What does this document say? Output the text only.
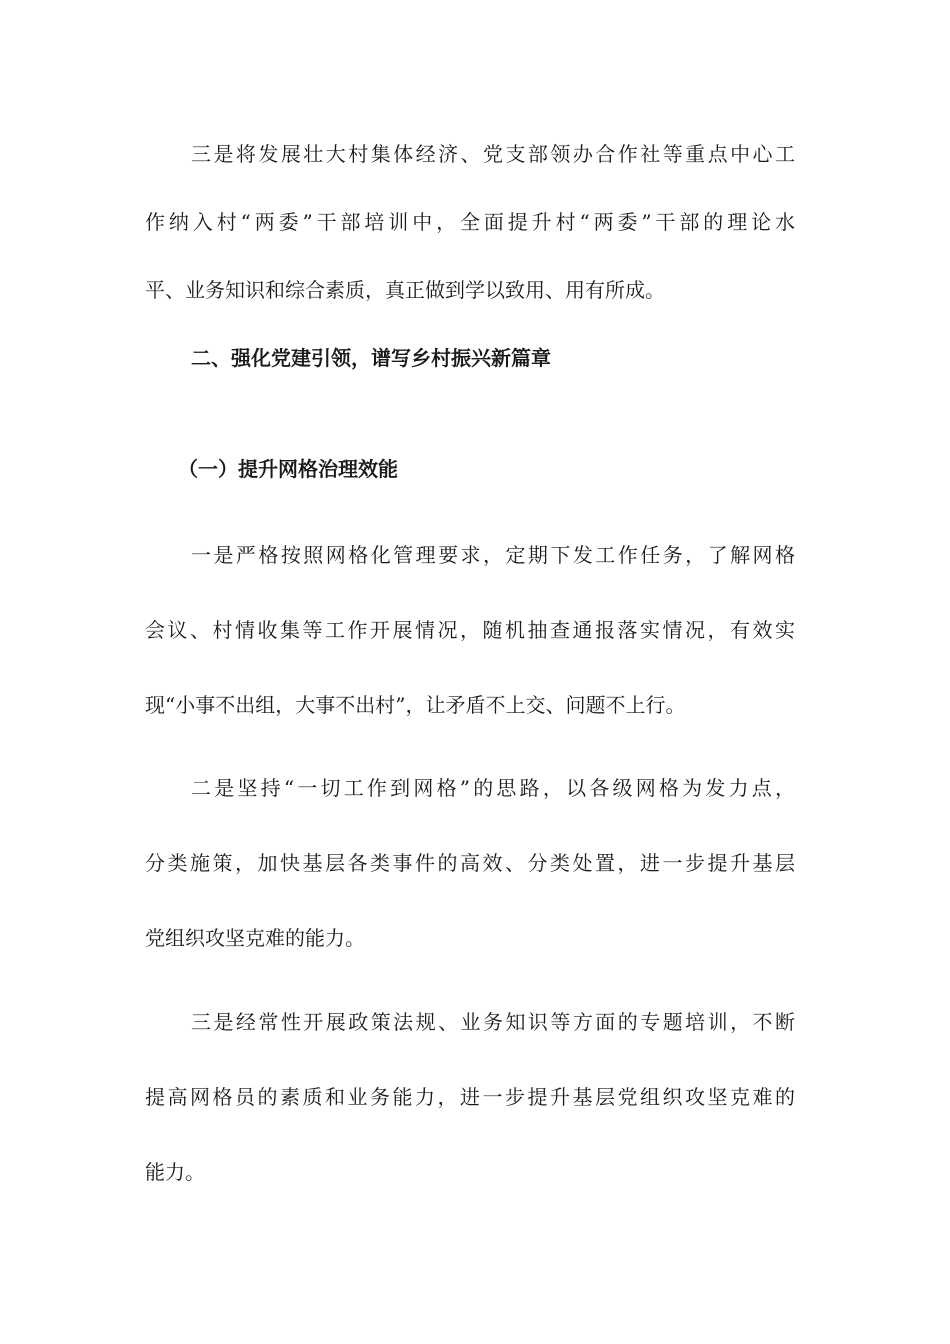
三是将发展壮大村集体经济、党支部领办合作社等重点中心工
作纳入村“两委”干部培训中，全面提升村“两委”干部的理论水
平、业务知识和综合素质，真正做到学以致用、用有所成。
二、强化党建引领，谱写乡村振兴新篇章
（一）提升网格治理效能
一是严格按照网格化管理要求，定期下发工作任务，了解网格
会议、村情收集等工作开展情况，随机抽查通报落实情况，有效实
现“小事不出组，大事不出村”，让矛盾不上交、问题不上行。
二是坚持“一切工作到网格”的思路，以各级网格为发力点，
分类施策，加快基层各类事件的高效、分类处置，进一步提升基层
党组织攻坚克难的能力。
三是经常性开展政策法规、业务知识等方面的专题培训，不断
提高网格员的素质和业务能力，进一步提升基层党组织攻坚克难的
能力。
